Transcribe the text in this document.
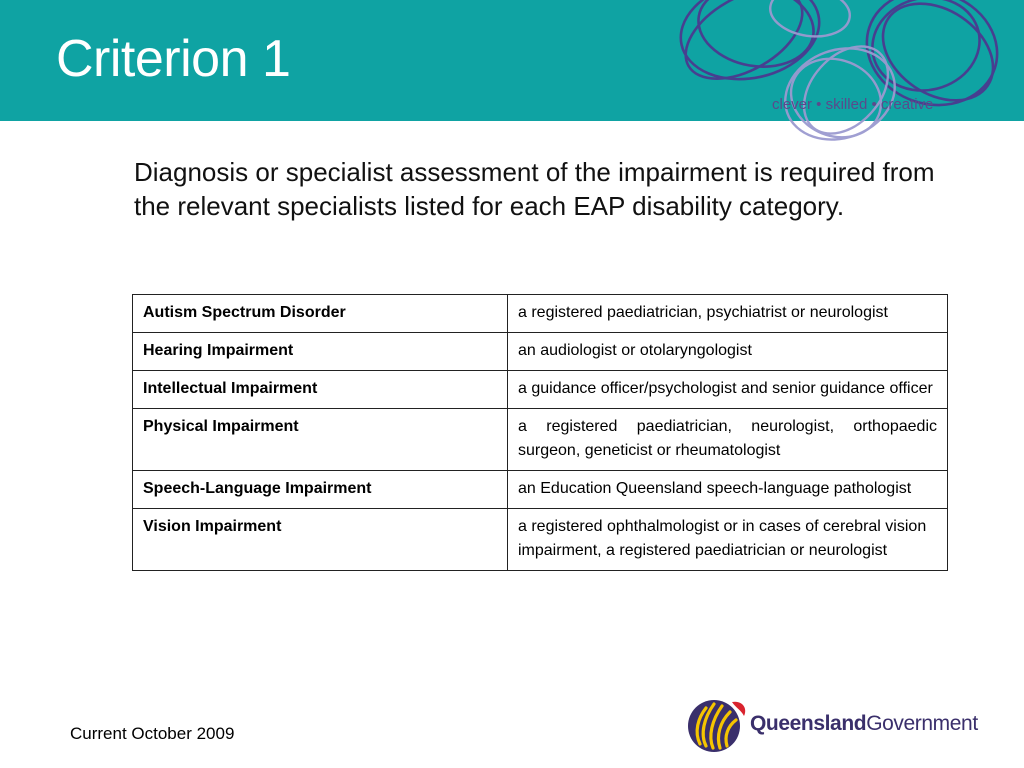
Criterion 1
clever • skilled • creative

Diagnosis or specialist assessment of the impairment is required from the relevant specialists listed for each EAP disability category.

Autism Spectrum Disorder	a registered paediatrician, psychiatrist or neurologist
Hearing Impairment	an audiologist or otolaryngologist
Intellectual Impairment	a guidance officer/psychologist and senior guidance officer
Physical Impairment	a registered paediatrician, neurologist, orthopaedic surgeon, geneticist or rheumatologist
Speech-Language Impairment	an Education Queensland speech-language pathologist
Vision Impairment	a registered ophthalmologist or in cases of cerebral vision impairment, a registered paediatrician or neurologist
Current October 2009	QueenslandGovernment
